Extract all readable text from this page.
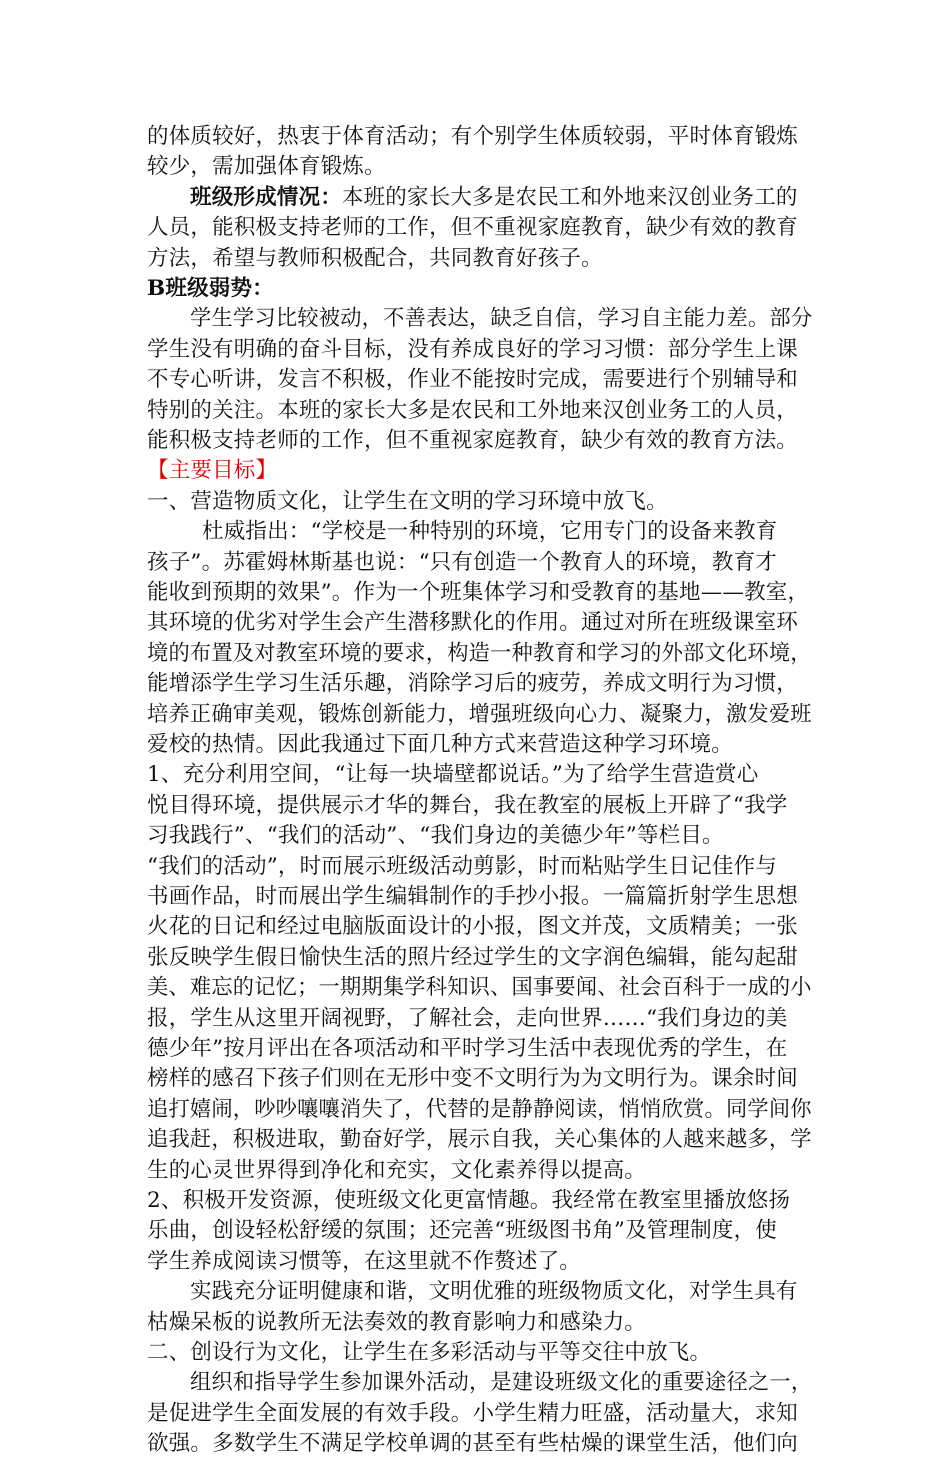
的体质较好，热衷于体育活动；有个别学生体质较弱，平时体育锻炼
较少，需加强体育锻炼。
班级形成情况：本班的家长大多是农民工和外地来汉创业务工的
人员，能积极支持老师的工作，但不重视家庭教育，缺少有效的教育
方法，希望与教师积极配合，共同教育好孩子。
B班级弱势：
学生学习比较被动，不善表达，缺乏自信，学习自主能力差。部分
学生没有明确的奋斗目标，没有养成良好的学习习惯：部分学生上课
不专心听讲，发言不积极，作业不能按时完成，需要进行个别辅导和
特别的关注。本班的家长大多是农民和工外地来汉创业务工的人员，
能积极支持老师的工作，但不重视家庭教育，缺少有效的教育方法。
【主要目标】
一、营造物质文化，让学生在文明的学习环境中放飞。
杜威指出：“学校是一种特别的环境，它用专门的设备来教育
孩子”。苏霍姆林斯基也说：“只有创造一个教育人的环境，教育才
能收到预期的效果”。作为一个班集体学习和受教育的基地——教室，
其环境的优劣对学生会产生潜移默化的作用。通过对所在班级课室环
境的布置及对教室环境的要求，构造一种教育和学习的外部文化环境，
能增添学生学习生活乐趣，消除学习后的疲劳，养成文明行为习惯，
培养正确审美观，锻炼创新能力，增强班级向心力、凝聚力，激发爱班
爱校的热情。因此我通过下面几种方式来营造这种学习环境。
1、充分利用空间，“让每一块墙壁都说话。”为了给学生营造赏心
悦目得环境，提供展示才华的舞台，我在教室的展板上开辟了“我学
习我践行”、“我们的活动”、“我们身边的美德少年”等栏目。
“我们的活动”，时而展示班级活动剪影，时而粘贴学生日记佳作与
书画作品，时而展出学生编辑制作的手抄小报。一篇篇折射学生思想
火花的日记和经过电脑版面设计的小报，图文并茂，文质精美；一张
张反映学生假日愉快生活的照片经过学生的文字润色编辑，能勾起甜
美、难忘的记忆；一期期集学科知识、国事要闻、社会百科于一成的小
报，学生从这里开阔视野，了解社会，走向世界……“我们身边的美
德少年”按月评出在各项活动和平时学习生活中表现优秀的学生，在
榜样的感召下孩子们则在无形中变不文明行为为文明行为。课余时间
追打嬉闹，吵吵嚷嚷消失了，代替的是静静阅读，悄悄欣赏。同学间你
追我赶，积极进取，勤奋好学，展示自我，关心集体的人越来越多，学
生的心灵世界得到净化和充实，文化素养得以提高。
2、积极开发资源，使班级文化更富情趣。我经常在教室里播放悠扬
乐曲，创设轻松舒缓的氛围；还完善“班级图书角”及管理制度，使
学生养成阅读习惯等，在这里就不作赘述了。
实践充分证明健康和谐，文明优雅的班级物质文化，对学生具有
枯燥呆板的说教所无法奏效的教育影响力和感染力。
二、创设行为文化，让学生在多彩活动与平等交往中放飞。
组织和指导学生参加课外活动，是建设班级文化的重要途径之一，
是促进学生全面发展的有效手段。小学生精力旺盛，活动量大，求知
欲强。多数学生不满足学校单调的甚至有些枯燥的课堂生活，他们向
